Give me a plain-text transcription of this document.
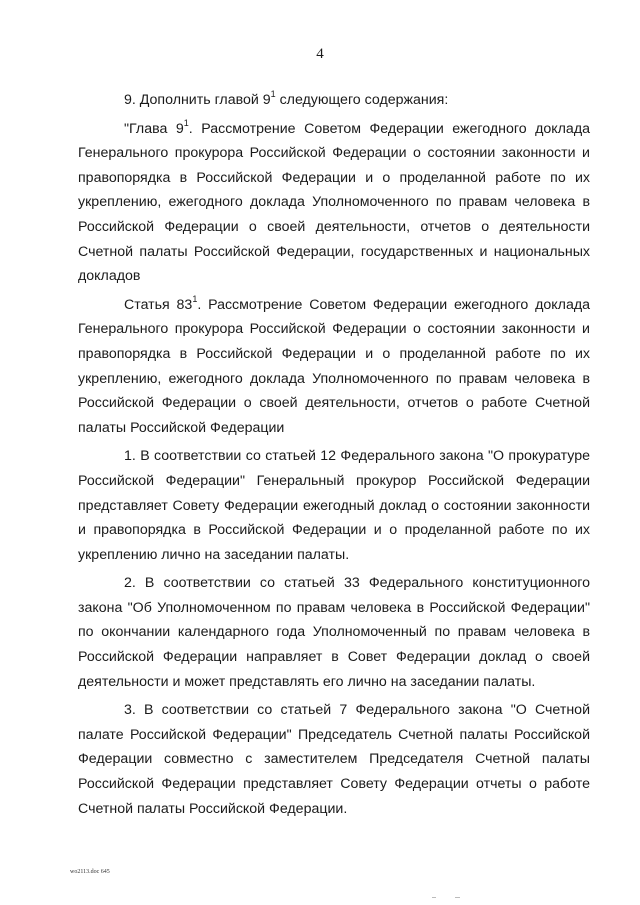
4

9. Дополнить главой $9^1$ следующего содержания:

"Глава $9^1$. Рассмотрение Советом Федерации ежегодного доклада Генерального прокурора Российской Федерации о состоянии законности и правопорядка в Российской Федерации и о проделанной работе по их укреплению, ежегодного доклада Уполномоченного по правам человека в Российской Федерации о своей деятельности, отчетов о деятельности Счетной палаты Российской Федерации, государственных и национальных докладов

Статья $83^1$. Рассмотрение Советом Федерации ежегодного доклада Генерального прокурора Российской Федерации о состоянии законности и правопорядка в Российской Федерации и о проделанной работе по их укреплению, ежегодного доклада Уполномоченного по правам человека в Российской Федерации о своей деятельности, отчетов о работе Счетной палаты Российской Федерации

1. В соответствии со статьей 12 Федерального закона "О прокуратуре Российской Федерации" Генеральный прокурор Российской Федерации представляет Совету Федерации ежегодный доклад о состоянии законности и правопорядка в Российской Федерации и о проделанной работе по их укреплению лично на заседании палаты.

2. В соответствии со статьей 33 Федерального конституционного закона "Об Уполномоченном по правам человека в Российской Федерации" по окончании календарного года Уполномоченный по правам человека в Российской Федерации направляет в Совет Федерации доклад о своей деятельности и может представлять его лично на заседании палаты.

3. В соответствии со статьей 7 Федерального закона "О Счетной палате Российской Федерации" Председатель Счетной палаты Российской Федерации совместно с заместителем Председателя Счетной палаты Российской Федерации представляет Совету Федерации отчеты о работе Счетной палаты Российской Федерации.

wo2113.doc 645
